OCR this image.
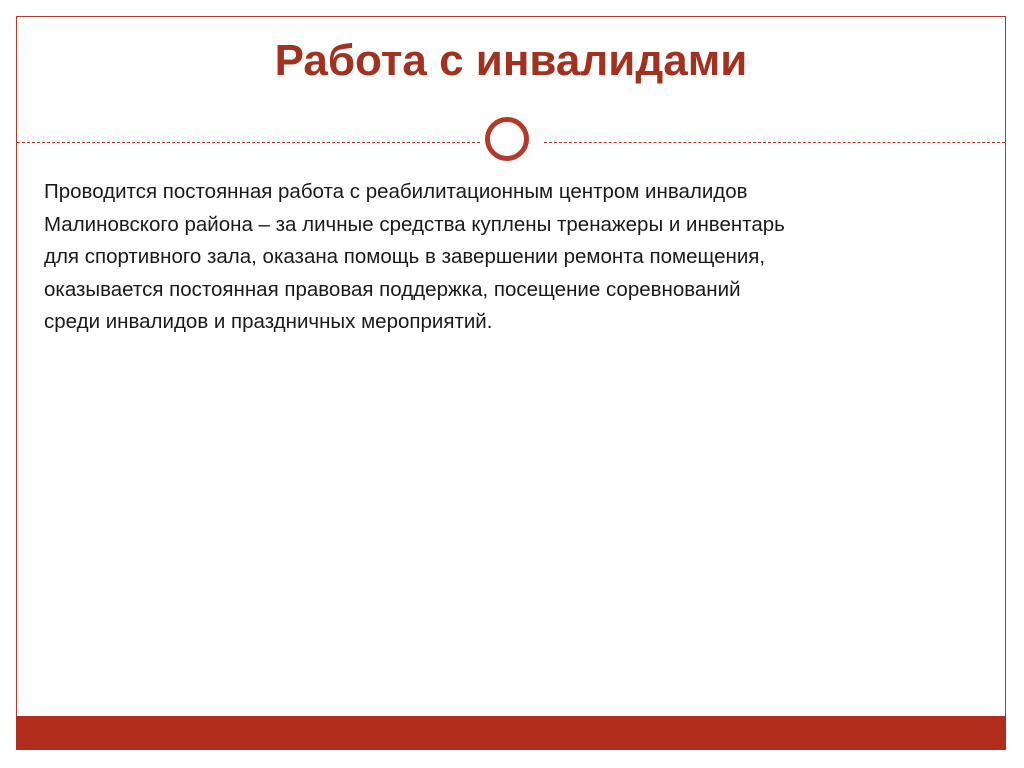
Работа с инвалидами

Проводится постоянная работа с реабилитационным центром инвалидов
Малиновского района – за личные средства куплены тренажеры и инвентарь
для спортивного зала, оказана помощь в завершении ремонта помещения,
оказывается постоянная правовая поддержка, посещение соревнований
среди инвалидов и праздничных мероприятий.
